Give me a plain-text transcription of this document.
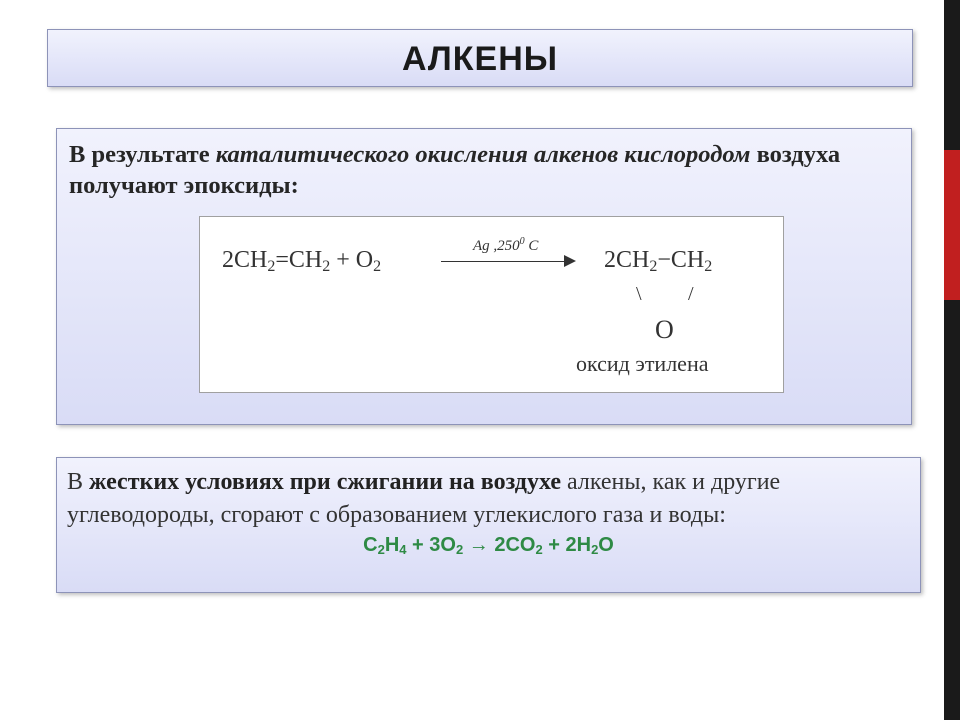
АЛКЕНЫ
В результате каталитического окисления алкенов кислородом воздуха получают эпоксиды:
$2CH_2=CH_2 + O_2$
Ag ,250$^0$ C
$2CH_2-CH_2$
\ /
O
оксид этилена
В жестких условиях при сжигании на воздухе алкены, как и другие углеводороды, сгорают с образованием углекислого газа и воды:
$C_2H_4 + 3O_2 \to 2CO_2 + 2H_2O$
